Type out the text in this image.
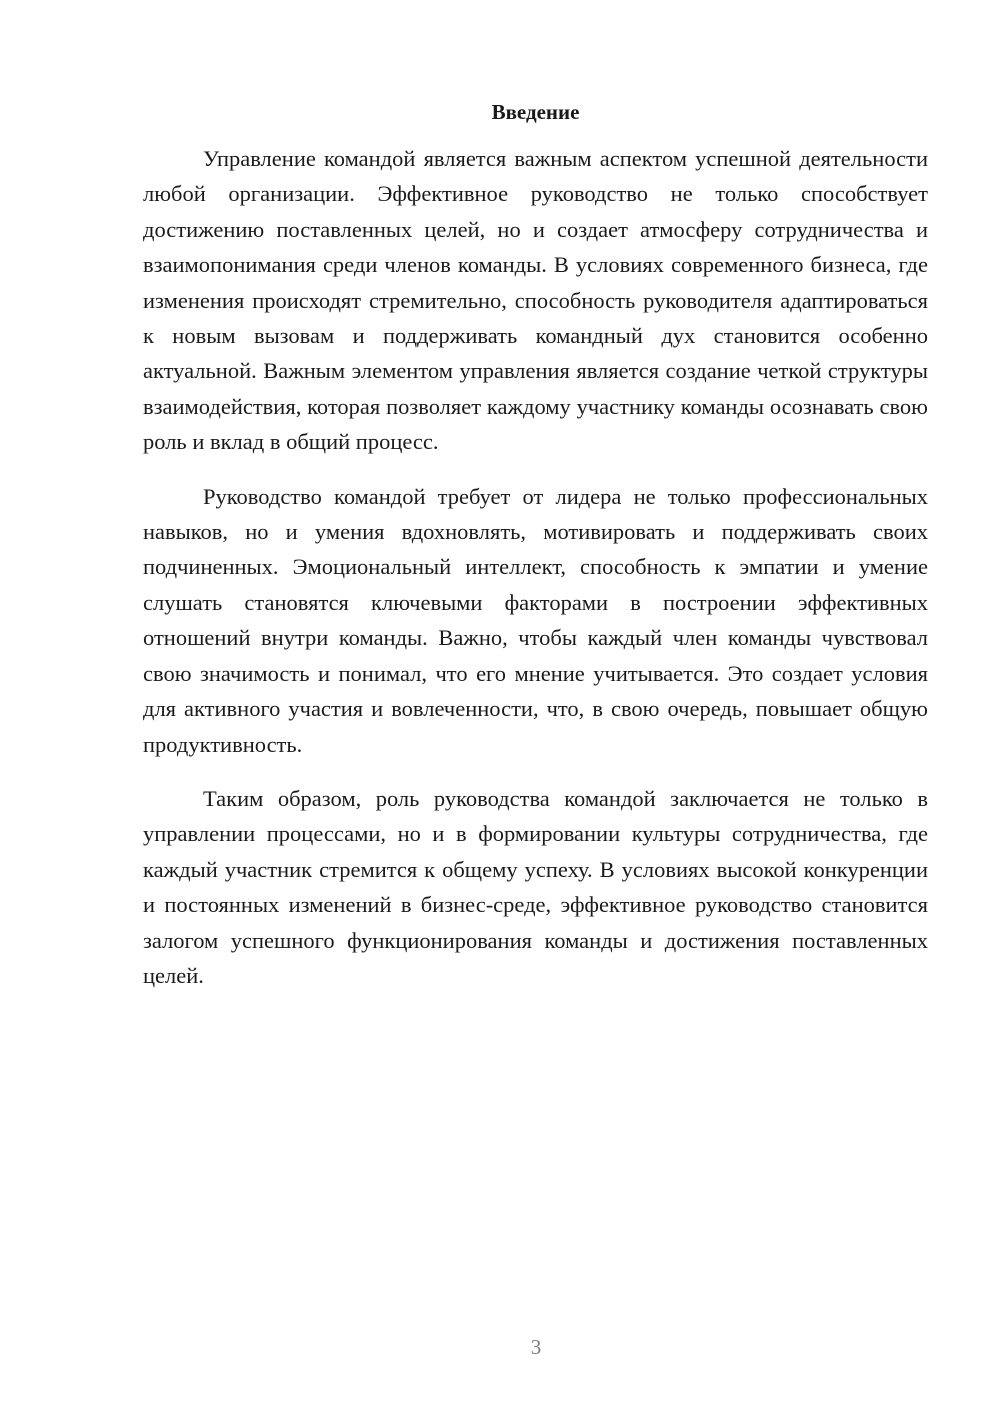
Введение

Управление командой является важным аспектом успешной деятельности любой организации. Эффективное руководство не только способствует достижению поставленных целей, но и создает атмосферу сотрудничества и взаимопонимания среди членов команды. В условиях современного бизнеса, где изменения происходят стремительно, способность руководителя адаптироваться к новым вызовам и поддерживать командный дух становится особенно актуальной. Важным элементом управления является создание четкой структуры взаимодействия, которая позволяет каждому участнику команды осознавать свою роль и вклад в общий процесс.

Руководство командой требует от лидера не только профессиональных навыков, но и умения вдохновлять, мотивировать и поддерживать своих подчиненных. Эмоциональный интеллект, способность к эмпатии и умение слушать становятся ключевыми факторами в построении эффективных отношений внутри команды. Важно, чтобы каждый член команды чувствовал свою значимость и понимал, что его мнение учитывается. Это создает условия для активного участия и вовлеченности, что, в свою очередь, повышает общую продуктивность.

Таким образом, роль руководства командой заключается не только в управлении процессами, но и в формировании культуры сотрудничества, где каждый участник стремится к общему успеху. В условиях высокой конкуренции и постоянных изменений в бизнес-среде, эффективное руководство становится залогом успешного функционирования команды и достижения поставленных целей.

3
